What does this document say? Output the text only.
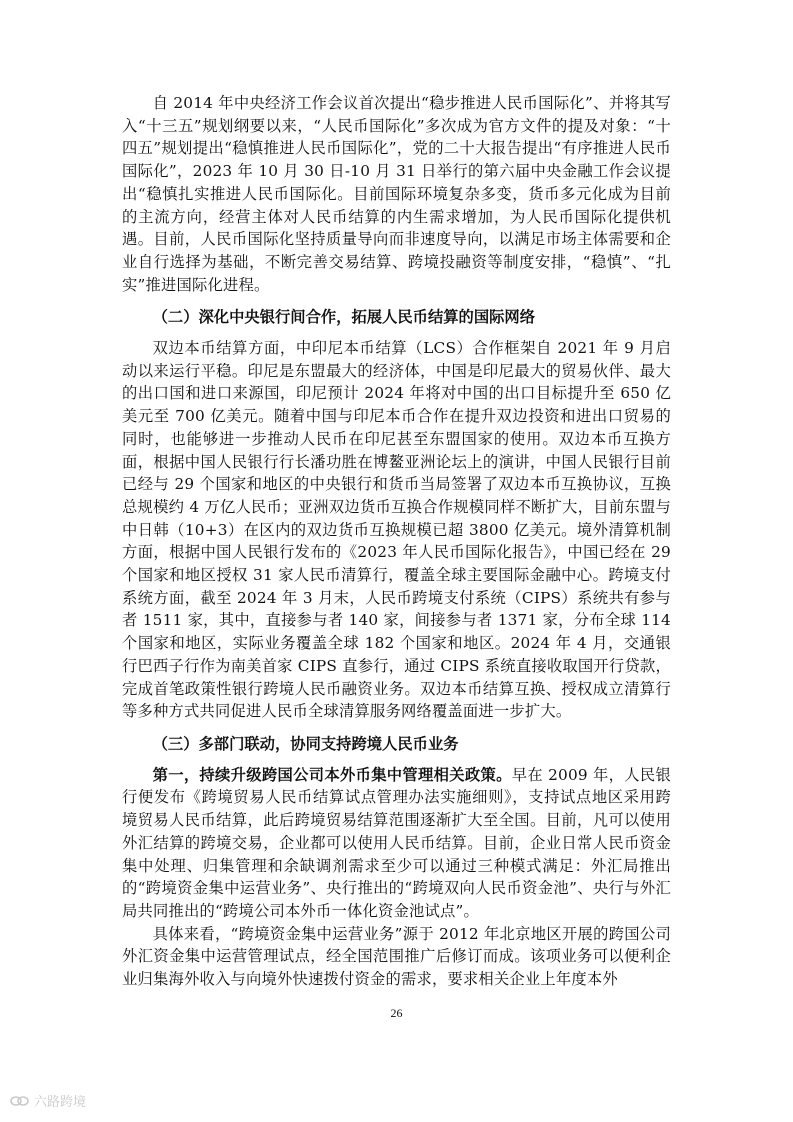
自 2014 年中央经济工作会议首次提出“稳步推进人民币国际化”、并将其写入“十三五”规划纲要以来，“人民币国际化”多次成为官方文件的提及对象：“十四五”规划提出“稳慎推进人民币国际化”，党的二十大报告提出“有序推进人民币国际化”，2023 年 10 月 30 日-10 月 31 日举行的第六届中央金融工作会议提出“稳慎扎实推进人民币国际化。目前国际环境复杂多变，货币多元化成为目前的主流方向，经营主体对人民币结算的内生需求增加，为人民币国际化提供机遇。目前，人民币国际化坚持质量导向而非速度导向，以满足市场主体需要和企业自行选择为基础，不断完善交易结算、跨境投融资等制度安排，“稳慎”、“扎实”推进国际化进程。

（二）深化中央银行间合作，拓展人民币结算的国际网络

双边本币结算方面，中印尼本币结算（LCS）合作框架自 2021 年 9 月启动以来运行平稳。印尼是东盟最大的经济体，中国是印尼最大的贸易伙伴、最大的出口国和进口来源国，印尼预计 2024 年将对中国的出口目标提升至 650 亿美元至 700 亿美元。随着中国与印尼本币合作在提升双边投资和进出口贸易的同时，也能够进一步推动人民币在印尼甚至东盟国家的使用。双边本币互换方面，根据中国人民银行行长潘功胜在博鳌亚洲论坛上的演讲，中国人民银行目前已经与 29 个国家和地区的中央银行和货币当局签署了双边本币互换协议，互换总规模约 4 万亿人民币；亚洲双边货币互换合作规模同样不断扩大，目前东盟与中日韩（10+3）在区内的双边货币互换规模已超 3800 亿美元。境外清算机制方面，根据中国人民银行发布的《2023 年人民币国际化报告》，中国已经在 29 个国家和地区授权 31 家人民币清算行，覆盖全球主要国际金融中心。跨境支付系统方面，截至 2024 年 3 月末，人民币跨境支付系统（CIPS）系统共有参与者 1511 家，其中，直接参与者 140 家，间接参与者 1371 家，分布全球 114 个国家和地区，实际业务覆盖全球 182 个国家和地区。2024 年 4 月，交通银行巴西子行作为南美首家 CIPS 直参行，通过 CIPS 系统直接收取国开行贷款，完成首笔政策性银行跨境人民币融资业务。双边本币结算互换、授权成立清算行等多种方式共同促进人民币全球清算服务网络覆盖面进一步扩大。

（三）多部门联动，协同支持跨境人民币业务

第一，持续升级跨国公司本外币集中管理相关政策。早在 2009 年，人民银行便发布《跨境贸易人民币结算试点管理办法实施细则》，支持试点地区采用跨境贸易人民币结算，此后跨境贸易结算范围逐渐扩大至全国。目前，凡可以使用外汇结算的跨境交易，企业都可以使用人民币结算。目前，企业日常人民币资金集中处理、归集管理和余缺调剂需求至少可以通过三种模式满足：外汇局推出的“跨境资金集中运营业务”、央行推出的“跨境双向人民币资金池”、央行与外汇局共同推出的“跨境公司本外币一体化资金池试点”。

具体来看，“跨境资金集中运营业务”源于 2012 年北京地区开展的跨国公司外汇资金集中运营管理试点，经全国范围推广后修订而成。该项业务可以便利企业归集海外收入与向境外快速拨付资金的需求，要求相关企业上年度本外

26
六路跨境
